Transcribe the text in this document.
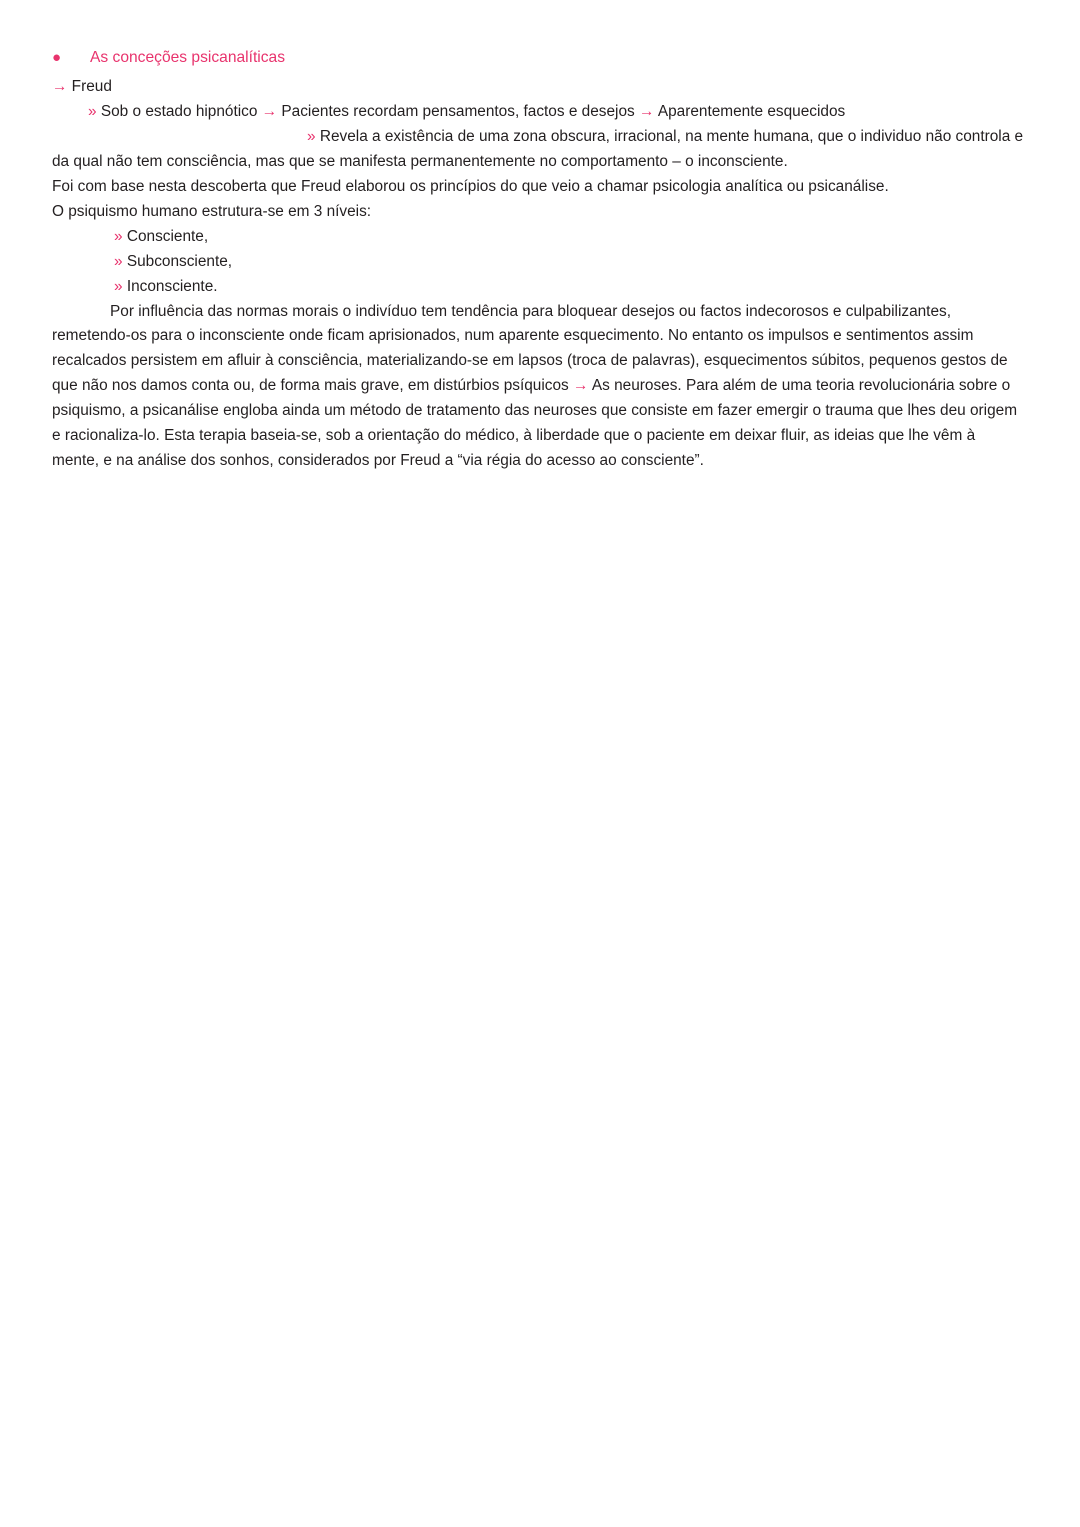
●	As conceções psicanalíticas

→ Freud

» Sob o estado hipnótico → Pacientes recordam pensamentos, factos e desejos → Aparentemente esquecidos

» Revela a existência de uma zona obscura, irracional, na mente humana, que o individuo não controla e da qual não tem consciência, mas que se manifesta permanentemente no comportamento – o inconsciente.

Foi com base nesta descoberta que Freud elaborou os princípios do que veio a chamar psicologia analítica ou psicanálise.

O psiquismo humano estrutura-se em 3 níveis:

» Consciente,

» Subconsciente,

» Inconsciente.

Por influência das normas morais o indivíduo tem tendência para bloquear desejos ou factos indecorosos e culpabilizantes, remetendo-os para o inconsciente onde ficam aprisionados, num aparente esquecimento. No entanto os impulsos e sentimentos assim recalcados persistem em afluir à consciência, materializando-se em lapsos (troca de palavras), esquecimentos súbitos, pequenos gestos de que não nos damos conta ou, de forma mais grave, em distúrbios psíquicos → As neuroses. Para além de uma teoria revolucionária sobre o psiquismo, a psicanálise engloba ainda um método de tratamento das neuroses que consiste em fazer emergir o trauma que lhes deu origem e racionaliza-lo. Esta terapia baseia-se, sob a orientação do médico, à liberdade que o paciente em deixar fluir, as ideias que lhe vêm à mente, e na análise dos sonhos, considerados por Freud a “via régia do acesso ao consciente”.
